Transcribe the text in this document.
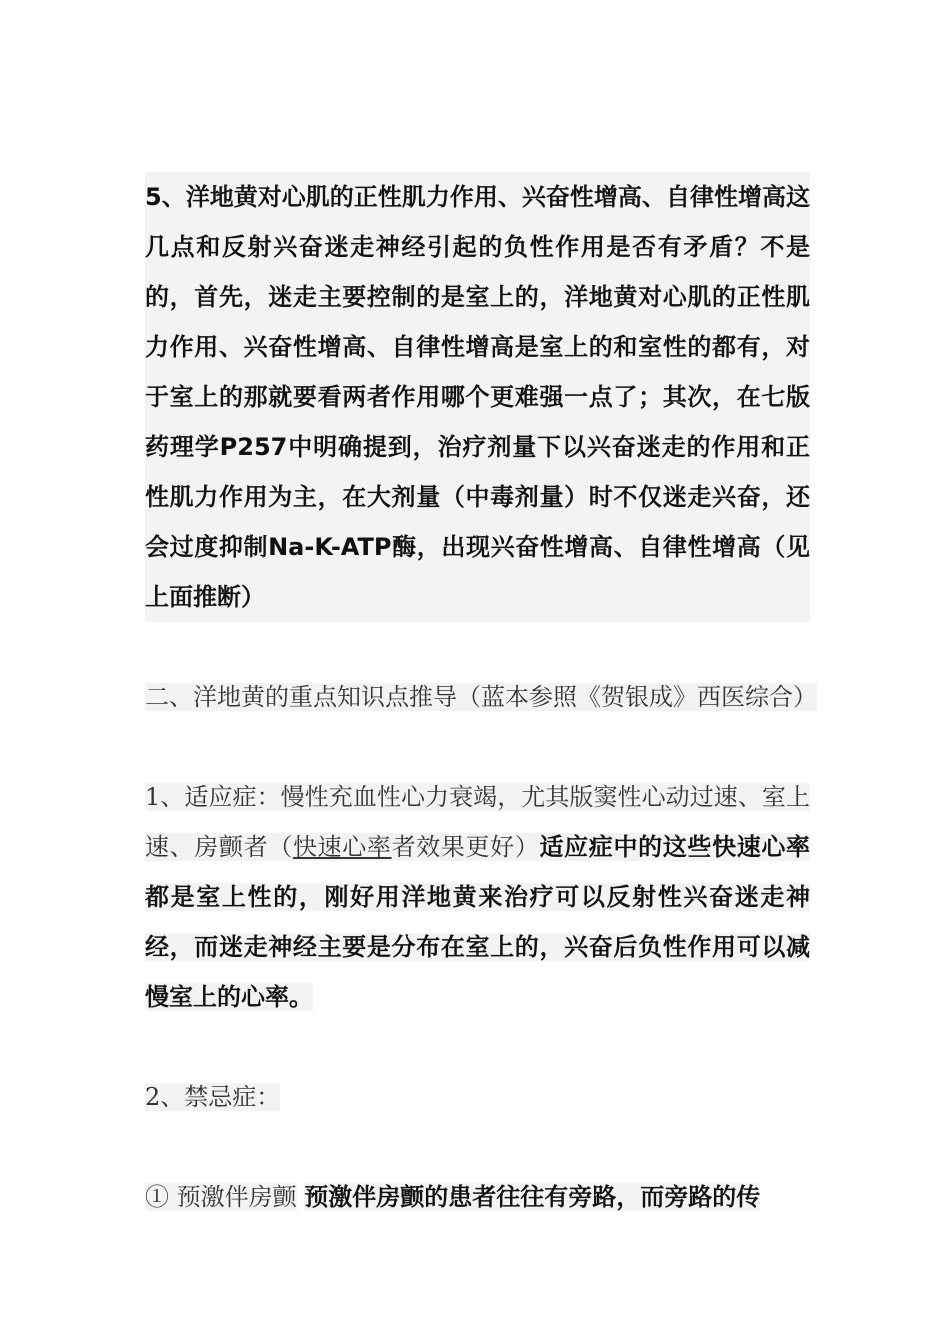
5、洋地黄对心肌的正性肌力作用、兴奋性增高、自律性增高这几点和反射兴奋迷走神经引起的负性作用是否有矛盾？不是的，首先，迷走主要控制的是室上的，洋地黄对心肌的正性肌力作用、兴奋性增高、自律性增高是室上的和室性的都有，对于室上的那就要看两者作用哪个更难强一点了；其次，在七版药理学P257中明确提到，治疗剂量下以兴奋迷走的作用和正性肌力作用为主，在大剂量（中毒剂量）时不仅迷走兴奋，还会过度抑制Na-K-ATP酶，出现兴奋性增高、自律性增高（见上面推断）

二、洋地黄的重点知识点推导（蓝本参照《贺银成》西医综合）

1、适应症：慢性充血性心力衰竭，尤其版窦性心动过速、室上速、房颤者（快速心率者效果更好）适应症中的这些快速心率都是室上性的，刚好用洋地黄来治疗可以反射性兴奋迷走神经，而迷走神经主要是分布在室上的，兴奋后负性作用可以减慢室上的心率。

2、禁忌症：

① 预激伴房颤 预激伴房颤的患者往往有旁路，而旁路的传
